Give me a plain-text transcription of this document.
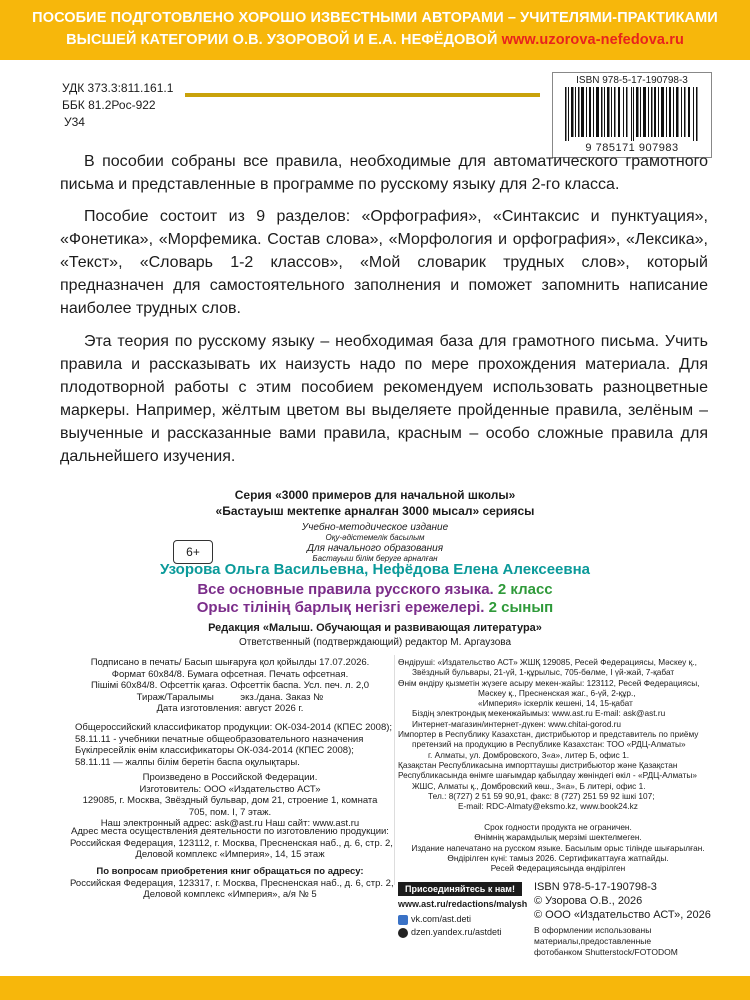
ПОСОБИЕ ПОДГОТОВЛЕНО ХОРОШО ИЗВЕСТНЫМИ АВТОРАМИ – УЧИТЕЛЯМИ-ПРАКТИКАМИ
ВЫСШЕЙ КАТЕГОРИИ О.В. УЗОРОВОЙ И Е.А. НЕФЁДОВОЙ www.uzorova-nefedova.ru
УДК 373.3:811.161.1
ББК 81.2Рос-922
У34
ISBN 978-5-17-190798-3
9 785171 907983

В пособии собраны все правила, необходимые для автоматического грамотного письма и представленные в программе по русскому языку для 2-го класса.

Пособие состоит из 9 разделов: «Орфография», «Синтаксис и пунктуация», «Фонетика», «Морфемика. Состав слова», «Морфология и орфография», «Лексика», «Текст», «Словарь 1-2 классов», «Мой словарик трудных слов», который предназначен для самостоятельного заполнения и поможет запомнить написание наиболее трудных слов.

Эта теория по русскому языку – необходимая база для грамотного письма. Учить правила и рассказывать их наизусть надо по мере прохождения материала. Для плодотворной работы с этим пособием рекомендуем использовать разноцветные маркеры. Например, жёлтым цветом вы выделяете пройденные правила, зелёным – выученные и рассказанные вами правила, красным – особо сложные правила для дальнейшего изучения.

Серия «3000 примеров для начальной школы»
«Бастауыш мектепке арналған 3000 мысал» сериясы
Учебно-методическое издание
Оқу-әдістемелік басылым
Для начального образования
Бастауыш білім беруге арналған
6+
Узорова Ольга Васильевна, Нефёдова Елена Алексеевна
Все основные правила русского языка. 2 класс
Орыс тілінің барлық негізгі ережелері. 2 сынып
Редакция «Малыш. Обучающая и развивающая литература»
Ответственный (подтверждающий) редактор М. Аргаузова
Подписано в печать/ Басып шығаруға қол қойылды 17.07.2026.
Формат 60x84/8. Бумага офсетная. Печать офсетная.
Пішімі 60x84/8. Офсеттік қағаз. Офсеттік баспа. Усл. печ. л. 2,0
Тираж/Таралымы          экз./дана. Заказ №
Дата изготовления: август 2026 г.
Общероссийский классификатор продукции: ОК-034-2014 (КПЕС 2008);
58.11.11 - учебники печатные общеобразовательного назначения
Бүкілресейлік өнім классификаторы ОК-034-2014 (КПЕС 2008);
58.11.11 — жалпы білім беретін баспа оқулықтары.
Произведено в Российской Федерации.
Изготовитель: ООО «Издательство АСТ»
129085, г. Москва, Звёздный бульвар, дом 21, строение 1, комната 705, пом. I, 7 этаж.
Наш электронный адрес: ask@ast.ru Наш сайт: www.ast.ru
Адрес места осуществления деятельности по изготовлению продукции:
Российская Федерация, 123112, г. Москва, Пресненская наб., д. 6, стр. 2,
Деловой комплекс «Империя», 14, 15 этаж
По вопросам приобретения книг обращаться по адресу:
Российская Федерация, 123317, г. Москва, Пресненская наб., д. 6, стр. 2,
Деловой комплекс «Империя», а/я № 5
Өндіруші: «Издательство АСТ» ЖШҚ 129085, Ресей Федерациясы, Мәскеу қ.,
Звёздный бульвары, 21-үй, 1-құрылыс, 705-бөлме, I үй-жай, 7-қабат
Өнім өндіру қызметін жүзеге асыру мекен-жайы: 123112, Ресей Федерациясы,
Мәскеу қ., Пресненская жаг., 6-үй, 2-құр.,
«Империя» іскерлік кешені, 14, 15-қабат
Біздің электрондық мекенжайымыз: www.ast.ru E-mail: ask@ast.ru
Интернет-магазин/интернет-дүкен: www.chitai-gorod.ru
Импортер в Республику Казахстан, дистрибьютор и представитель по приёму
претензий на продукцию в Республике Казахстан: ТОО «РДЦ-Алматы»
г. Алматы, ул. Домбровского, 3«а», литер Б, офис 1.
Қазақстан Республикасына импорттаушы дистрибьютор және Қазақстан
Республикасында өнімге шағымдар қабылдау жөніндегі өкіл - «РДЦ-Алматы»
ЖШС, Алматы қ., Домбровский көш., 3«а», Б литері, офис 1.
Тел.: 8(727) 2 51 59 90,91, факс: 8 (727) 251 59 92 ішкі 107;
E-mail: RDC-Almaty@eksmo.kz, www.book24.kz
Срок годности продукта не ограничен.
Өнімнің жарамдылық мерзімі шектелмеген.
Издание напечатано на русском языке. Басылым орыс тілінде шығарылған.
Өндірілген күні: тамыз 2026. Сертификаттауға жатпайды.
Ресей Федерациясында өндірілген
Присоединяйтесь к нам!
www.ast.ru/redactions/malysh
vk.com/ast.deti
dzen.yandex.ru/astdeti
ISBN 978-5-17-190798-3
© Узорова О.В., 2026
© ООО «Издательство АСТ», 2026
В оформлении использованы материалы,предоставленные
фотобанком Shutterstock/FOTODOM
